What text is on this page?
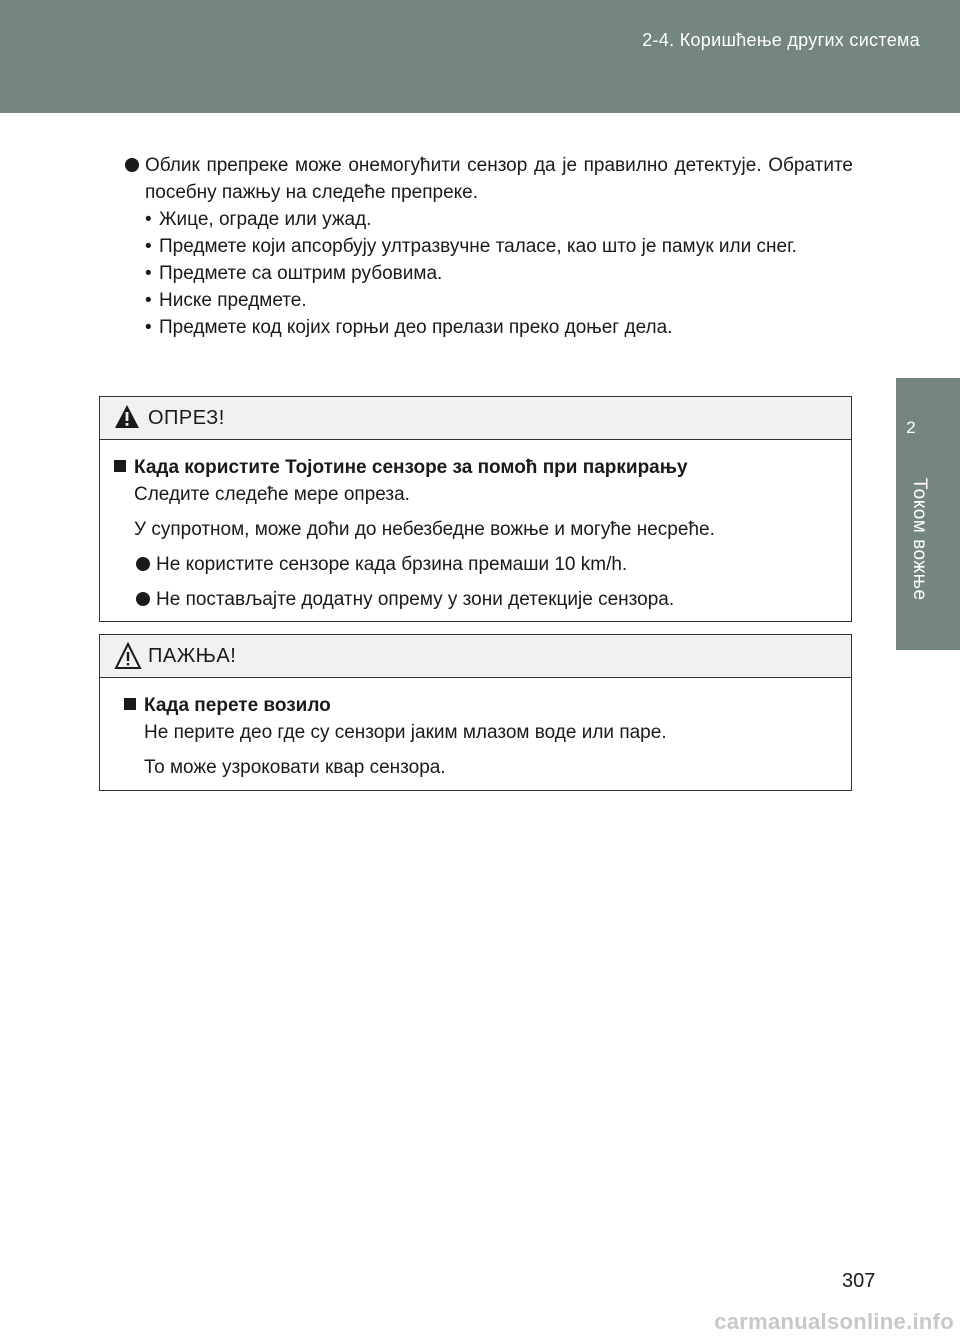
2-4. Коришћење других система
2
Током вожње
Облик препреке може онемогућити сензор да је правилно детектује. Обратите посебну пажњу на следеће препреке.
• Жице, ограде или ужад.
• Предмете који апсорбују ултразвучне таласе, као што је памук или снег.
• Предмете са оштрим рубовима.
• Ниске предмете.
• Предмете код којих горњи део прелази преко доњег дела.
ОПРЕЗ!
Када користите Тојотине сензоре за помоћ при паркирању
Следите следеће мере опреза.
У супротном, може доћи до небезбедне вожње и могуће несреће.
Не користите сензоре када брзина премаши 10 km/h.
Не постављајте додатну опрему у зони детекције сензора.
ПАЖЊА!
Када перете возило
Не перите део где су сензори јаким млазом воде или паре.
То може узроковати квар сензора.
307
carmanualsonline.info
